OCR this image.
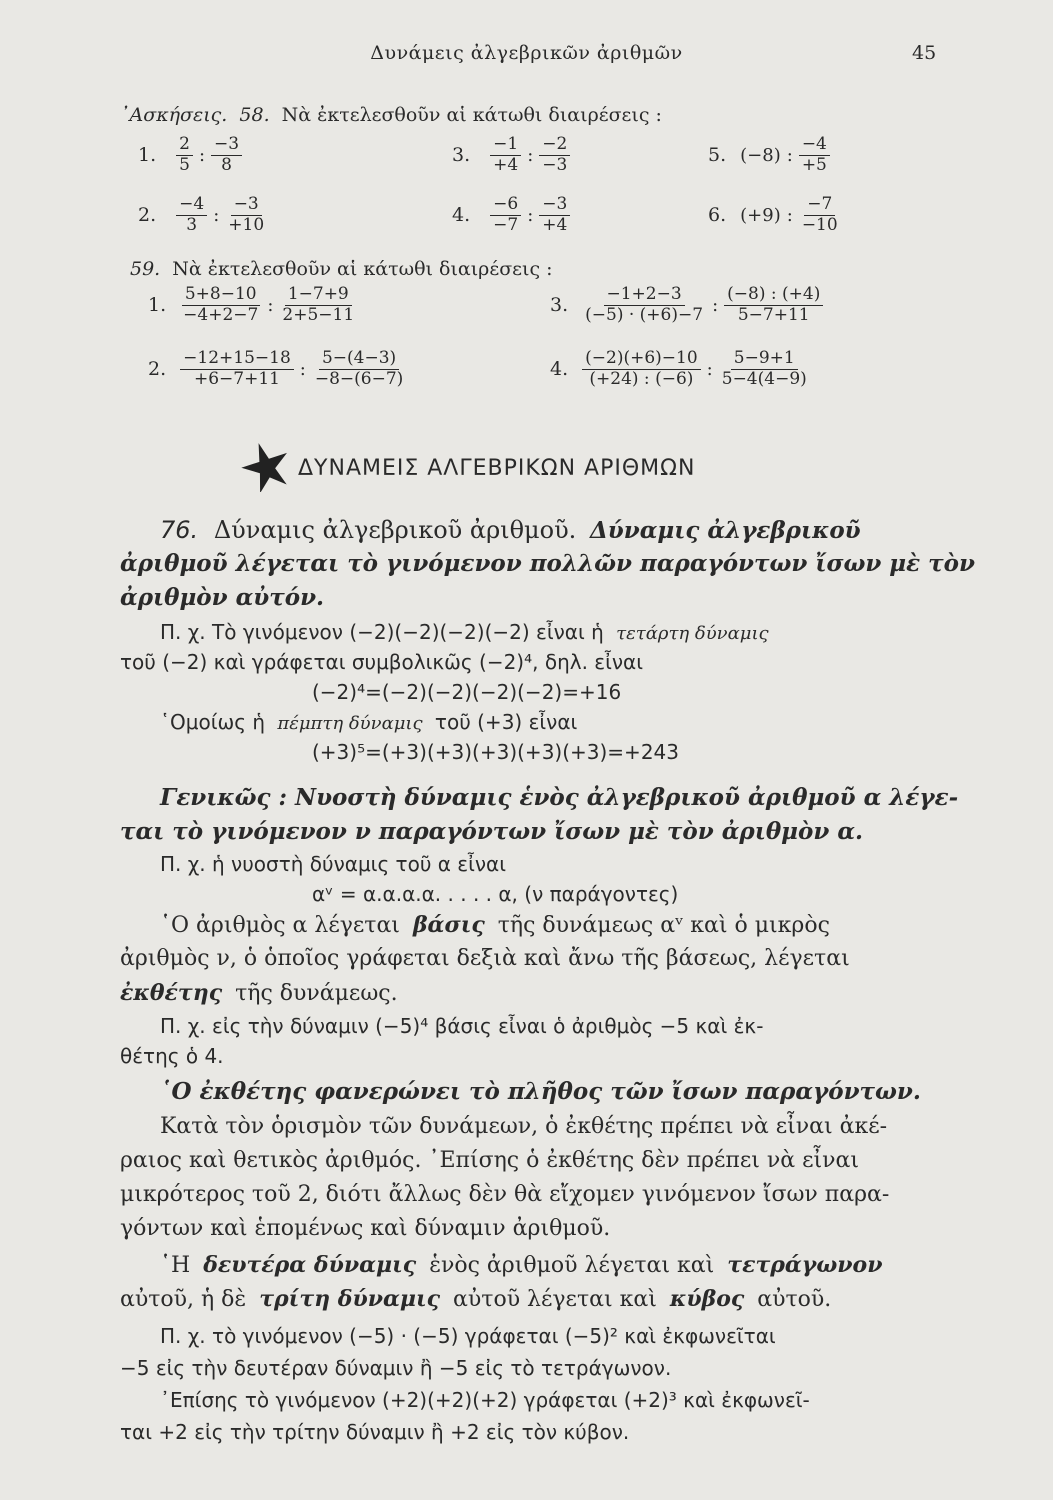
Δυνάμεις ἀλγεβρικῶν ἀριθμῶν	45
᾿Ασκήσεις. 58. Νὰ ἐκτελεσθοῦν αἱ κάτωθι διαιρέσεις :
1. $\frac{2}{5}$ : $\frac{-3}{8}$
2. $\frac{-4}{3}$ : $\frac{-3}{+10}$
3. $\frac{-1}{+4}$ : $\frac{-2}{-3}$
4. $\frac{-6}{-7}$ : $\frac{-3}{+4}$
5. (−8) : $\frac{-4}{+5}$
6. (+9) : $\frac{-7}{-10}$
59. Νὰ ἐκτελεσθοῦν αἱ κάτωθι διαιρέσεις :
1. $\frac{5+8-10}{-4+2-7}$ : $\frac{1-7+9}{2+5-11}$
2. $\frac{-12+15-18}{+6-7+11}$ : $\frac{5-(4-3)}{-8-(6-7)}$
3. $\frac{-1+2-3}{(-5) \cdot (+6)-7}$ : $\frac{(-8) : (+4)}{5-7+11}$
4. $\frac{(-2)(+6)-10}{(+24) : (-6)}$ : $\frac{5-9+1}{5-4(4-9)}$
ΔΥΝΑΜΕΙΣ ΑΛΓΕΒΡΙΚΩΝ ΑΡΙΘΜΩΝ
76. Δύναμις ἀλγεβρικοῦ ἀριθμοῦ. Δύναμις ἀλγεβρικοῦ
ἀριθμοῦ λέγεται τὸ γινόμενον πολλῶν παραγόντων ἴσων μὲ τὸν
ἀριθμὸν αὐτόν.
Π. χ. Τὸ γινόμενον (−2)(−2)(−2)(−2) εἶναι ἡ τετάρτη δύναμις
τοῦ (−2) καὶ γράφεται συμβολικῶς (−2)⁴, δηλ. εἶναι
(−2)⁴=(−2)(−2)(−2)(−2)=+16
῾Ομοίως ἡ πέμπτη δύναμις τοῦ (+3) εἶναι
(+3)⁵=(+3)(+3)(+3)(+3)(+3)=+243
Γενικῶς : Νυοστὴ δύναμις ἑνὸς ἀλγεβρικοῦ ἀριθμοῦ α λέγε-
ται τὸ γινόμενον ν παραγόντων ἴσων μὲ τὸν ἀριθμὸν α.
Π. χ. ἡ νυοστὴ δύναμις τοῦ α εἶναι
αᵛ = α.α.α.α. . . . . α, (ν παράγοντες)
῾Ο ἀριθμὸς α λέγεται βάσις τῆς δυνάμεως αᵛ καὶ ὁ μικρὸς
ἀριθμὸς ν, ὁ ὁποῖος γράφεται δεξιὰ καὶ ἄνω τῆς βάσεως, λέγεται
ἐκθέτης τῆς δυνάμεως.
Π. χ. εἰς τὴν δύναμιν (−5)⁴ βάσις εἶναι ὁ ἀριθμὸς −5 καὶ ἐκ-
θέτης ὁ 4.
῾Ο ἐκθέτης φανερώνει τὸ πλῆθος τῶν ἴσων παραγόντων.
Κατὰ τὸν ὁρισμὸν τῶν δυνάμεων, ὁ ἐκθέτης πρέπει νὰ εἶναι ἀκέ-
ραιος καὶ θετικὸς ἀριθμός. ᾿Επίσης ὁ ἐκθέτης δὲν πρέπει νὰ εἶναι
μικρότερος τοῦ 2, διότι ἄλλως δὲν θὰ εἴχομεν γινόμενον ἴσων παρα-
γόντων καὶ ἑπομένως καὶ δύναμιν ἀριθμοῦ.
῾Η δευτέρα δύναμις ἑνὸς ἀριθμοῦ λέγεται καὶ τετράγωνον
αὐτοῦ, ἡ δὲ τρίτη δύναμις αὐτοῦ λέγεται καὶ κύβος αὐτοῦ.
Π. χ. τὸ γινόμενον (−5) · (−5) γράφεται (−5)² καὶ ἐκφωνεῖται
−5 εἰς τὴν δευτέραν δύναμιν ἢ −5 εἰς τὸ τετράγωνον.
᾿Επίσης τὸ γινόμενον (+2)(+2)(+2) γράφεται (+2)³ καὶ ἐκφωνεῖ-
ται +2 εἰς τὴν τρίτην δύναμιν ἢ +2 εἰς τὸν κύβον.
